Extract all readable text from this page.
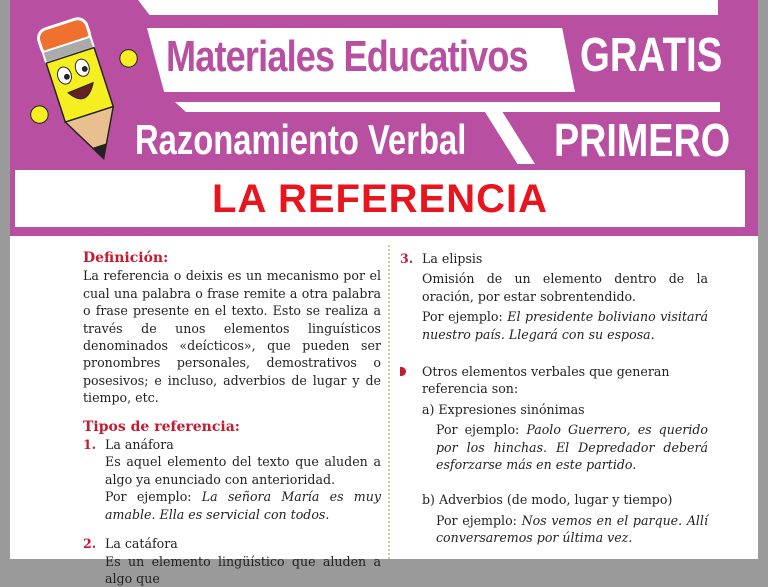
Materiales Educativos GRATIS
Razonamiento Verbal PRIMERO
LA REFERENCIA
Definición:
La referencia o deixis es un mecanismo por el cual una palabra o frase remite a otra palabra o frase presente en el texto. Esto se realiza a través de unos elementos linguísticos denominados «deícticos», que pueden ser pronombres personales, demostrativos o posesivos; e incluso, adverbios de lugar y de tiempo, etc.
Tipos de referencia:
1. La anáfora
Es aquel elemento del texto que aluden a algo ya enunciado con anterioridad.
Por ejemplo: La señora María es muy amable. Ella es servicial con todos.
2. La catáfora
Es un elemento lingüístico que aluden a algo que
3. La elipsis
Omisión de un elemento dentro de la oración, por estar sobrentendido.
Por ejemplo: El presidente boliviano visitará nuestro país. Llegará con su esposa.
Otros elementos verbales que generan referencia son:
a) Expresiones sinónimas
Por ejemplo: Paolo Guerrero, es querido por los hinchas. El Depredador deberá esforzarse más en este partido.
b) Adverbios (de modo, lugar y tiempo)
Por ejemplo: Nos vemos en el parque. Allí conversaremos por última vez.
